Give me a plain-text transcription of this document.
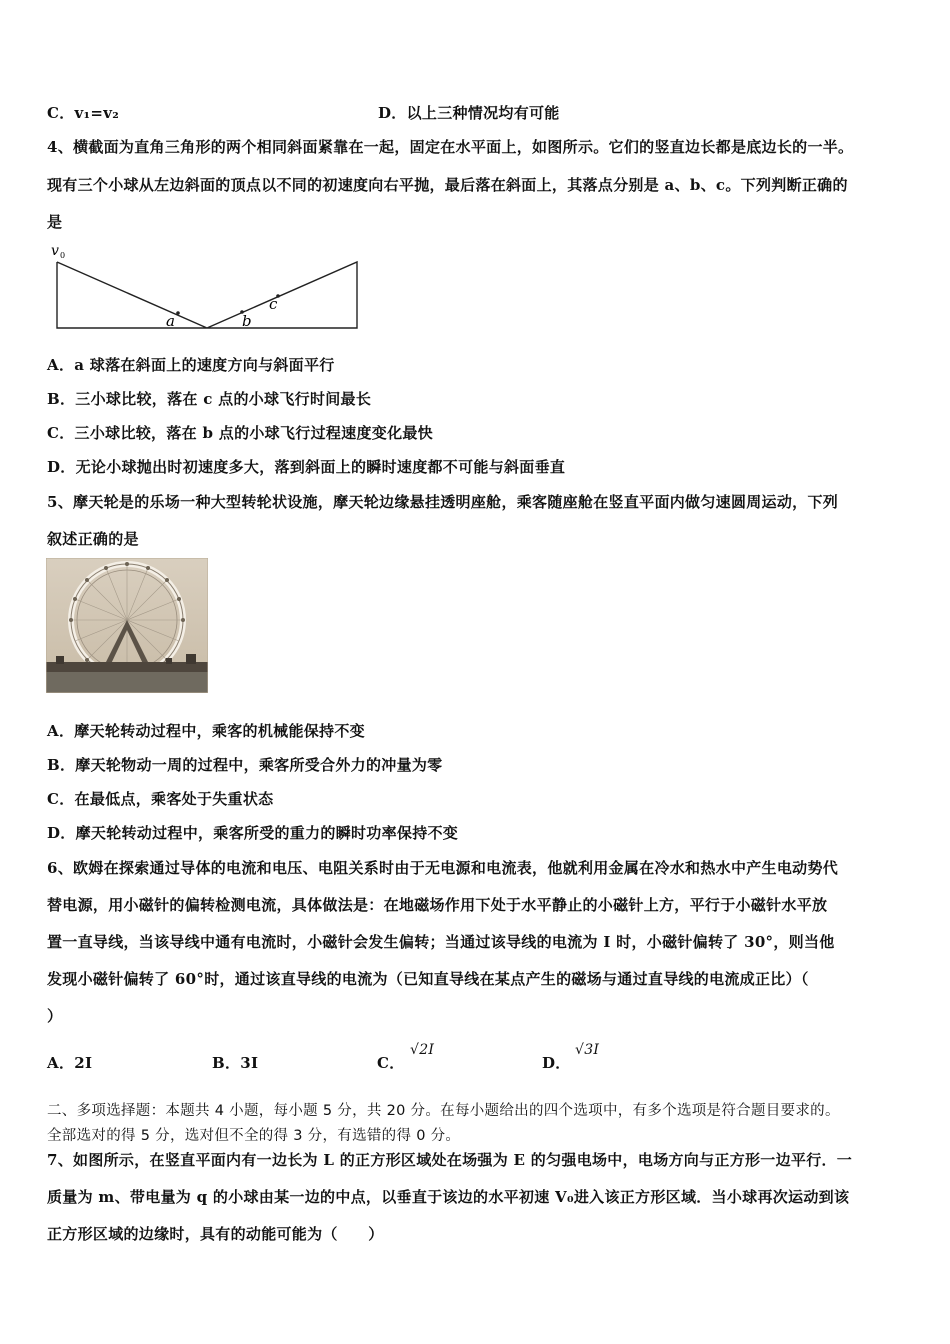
C．v₁=v₂	D．以上三种情况均有可能
4、横截面为直角三角形的两个相同斜面紧靠在一起，固定在水平面上，如图所示。它们的竖直边长都是底边长的一半。
现有三个小球从左边斜面的顶点以不同的初速度向右平抛，最后落在斜面上，其落点分别是 a、b、c。下列判断正确的
是
v 0
a	b
c
A．a 球落在斜面上的速度方向与斜面平行
B．三小球比较，落在 c 点的小球飞行时间最长
C．三小球比较，落在 b 点的小球飞行过程速度变化最快
D．无论小球抛出时初速度多大，落到斜面上的瞬时速度都不可能与斜面垂直
5、摩天轮是的乐场一种大型转轮状设施，摩天轮边缘悬挂透明座舱，乘客随座舱在竖直平面内做匀速圆周运动，下列
叙述正确的是
A．摩天轮转动过程中，乘客的机械能保持不变
B．摩天轮物动一周的过程中，乘客所受合外力的冲量为零
C．在最低点，乘客处于失重状态
D．摩天轮转动过程中，乘客所受的重力的瞬时功率保持不变
6、欧姆在探索通过导体的电流和电压、电阻关系时由于无电源和电流表，他就利用金属在冷水和热水中产生电动势代
替电源，用小磁针的偏转检测电流，具体做法是：在地磁场作用下处于水平静止的小磁针上方，平行于小磁针水平放
置一直导线，当该导线中通有电流时，小磁针会发生偏转；当通过该导线的电流为 I 时，小磁针偏转了 30°，则当他
发现小磁针偏转了 60°时，通过该直导线的电流为（已知直导线在某点产生的磁场与通过直导线的电流成正比）（
）
A．2I	B．3I	C．
√2I
D．
√3I
二、多项选择题：本题共 4 小题，每小题 5 分，共 20 分。在每小题给出的四个选项中，有多个选项是符合题目要求的。
全部选对的得 5 分，选对但不全的得 3 分，有选错的得 0 分。
7、如图所示，在竖直平面内有一边长为 L 的正方形区域处在场强为 E 的匀强电场中，电场方向与正方形一边平行．一
质量为 m、带电量为 q 的小球由某一边的中点，以垂直于该边的水平初速 V₀进入该正方形区域．当小球再次运动到该
正方形区域的边缘时，具有的动能可能为（　　）
